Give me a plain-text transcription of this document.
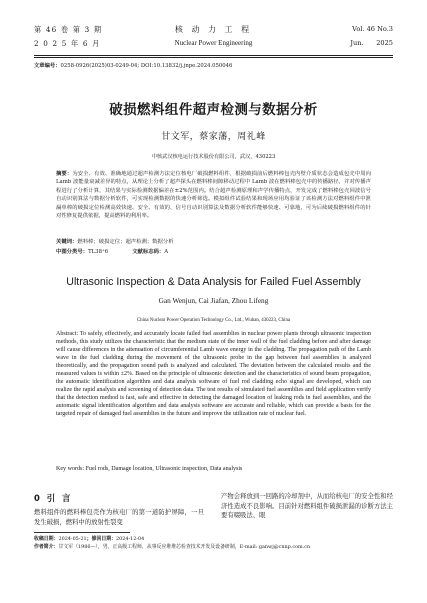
第 46 卷 第 3 期
2 0 2 5 年 6 月
核 动 力 工 程
Nuclear Power Engineering
Vol. 46 No.3
Jun. 2025
文章编号：0258-0926(2025)03-0249-04; DOI:10.13832/j.jnpe.2024.050046
破损燃料组件超声检测与数据分析
甘文军，蔡家藩，周礼峰
中核武汉核电运行技术股份有限公司，武汉，430223
摘要：为安全、有效、准确地通过超声检测方法定位核电厂破损燃料组件，根据破损前后燃料棒包壳内壁介质状态会造成包壳中周向 Lamb 波能量衰减差异的特点，从理论上分析了超声探头在燃料棒间隙移动过程中 Lamb 波在燃料棒包壳中的传播路径，并对传播声程进行了分析计算，其结果与实际检测数据偏差在±2%范围内。结合超声检测原理和声学传播特点，开发完成了燃料棒包壳回波信号自动识别算法与数据分析软件，可实现检测数据的快速分析筛选。模拟组件试验结果和现场应用均验证了该检测方法对燃料组件中泄漏单棒的破损定位检测高效快速、安全、有效的，信号自动识别算法及数据分析软件能够快速、可靠地，可为后续破损燃料组件的针对性修复提供依据，提高燃料的利用率。
关键词：燃料棒；破损定位；超声检测；数据分析
中图分类号：TL38⁺6	文献标志码：A
Ultrasonic Inspection & Data Analysis for Failed Fuel Assembly
Gan Wenjun, Cai Jiafan, Zhou Lifeng
China Nuclear Power Operation Technology Co., Ltd., Wuhan, 430223, China
Abstract: To safely, effectively, and accurately locate failed fuel assemblies in nuclear power plants through ultrasonic inspection methods, this study utilizes the characteristic that the medium state of the inner wall of the fuel cladding before and after damage will cause differences in the attenuation of circumferential Lamb wave energy in the cladding. The propagation path of the Lamb wave in the fuel cladding during the movement of the ultrasonic probe in the gap between fuel assemblies is analyzed theoretically, and the propagation sound path is analyzed and calculated. The deviation between the calculated results and the measured values is within ±2%. Based on the principle of ultrasonic detection and the characteristics of sound beam propagation, the automatic identification algorithm and data analysis software of fuel rod cladding echo signal are developed, which can realize the rapid analysis and screening of detection data. The test results of simulated fuel assemblies and field application verify that the detection method is fast, safe and effective in detecting the damaged location of leaking rods in fuel assemblies, and the automatic signal identification algorithm and data analysis software are accurate and reliable, which can provide a basis for the targeted repair of damaged fuel assemblies in the future and improve the utilization rate of nuclear fuel.
Key words: Fuel rods, Damage location, Ultrasonic inspection, Data analysis
0 引 言
燃料组件的燃料棒包壳作为核电厂的第一道防护屏障，一旦发生破损，燃料中的放射性裂变
产物会释放到一回路的冷却剂中，从而给核电厂的安全性和经济性造成不良影响。目前针对燃料组件破损泄漏的诊断方法主要有啜吸法、眼
收稿日期：2024-05-21；修回日期：2024-12-04
作者简介：甘文军（1986—），男，正高级工程师，从事反应堆堆芯检查技术开发及设备研制，E-mail: ganwj@cnnp.com.cn
